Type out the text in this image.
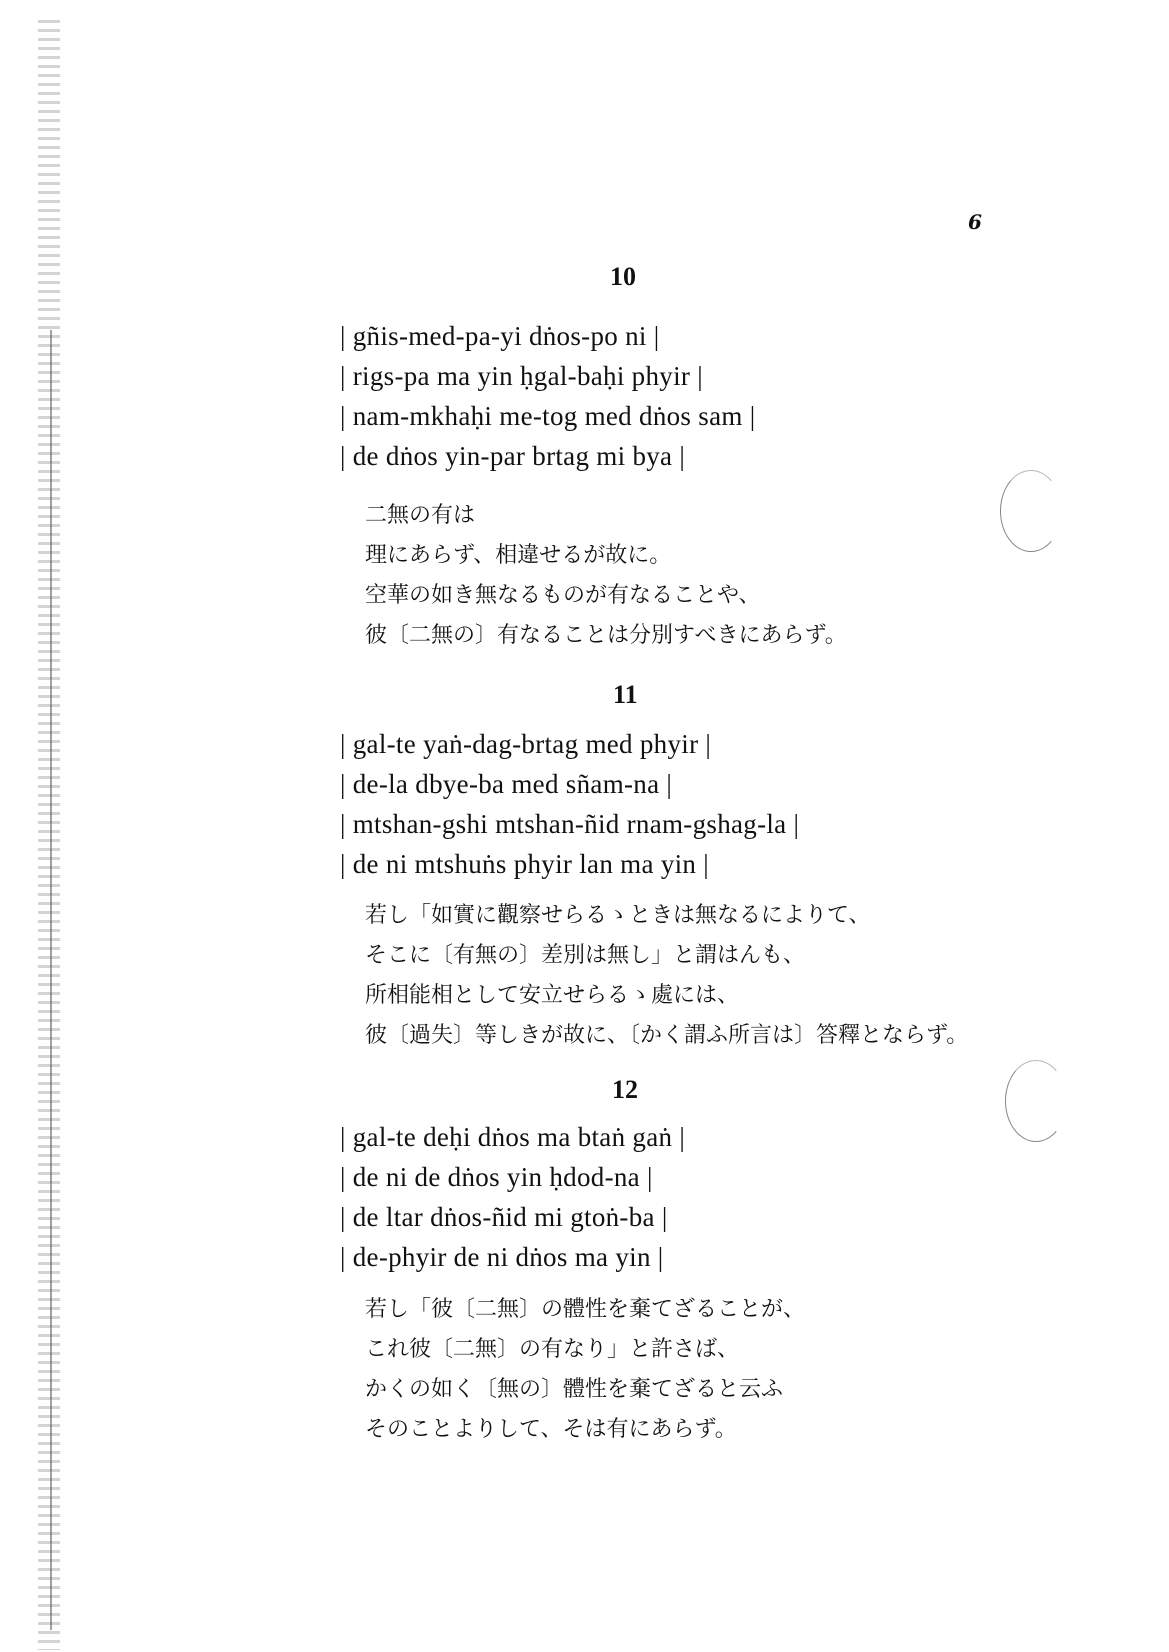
6
10
| gñis-med-pa-yi dṅos-po ni |
| rigs-pa ma yin ḥgal-baḥi phyir |
| nam-mkhaḥi me-tog med dṅos sam |
| de dṅos yin-par brtag mi bya |
二無の有は
理にあらず、相違せるが故に。
空華の如き無なるものが有なることや、
彼〔二無の〕有なることは分別すべきにあらず。
11
| gal-te yaṅ-dag-brtag med phyir |
| de-la dbye-ba med sñam-na |
| mtshan-gshi mtshan-ñid rnam-gshag-la |
| de ni mtshuṅs phyir lan ma yin |
若し「如實に觀察せらるゝときは無なるによりて、
そこに〔有無の〕差別は無し」と謂はんも、
所相能相として安立せらるゝ處には、
彼〔過失〕等しきが故に、〔かく謂ふ所言は〕答釋とならず。
12
| gal-te deḥi dṅos ma btaṅ gaṅ |
| de ni de dṅos yin ḥdod-na |
| de ltar dṅos-ñid mi gtoṅ-ba |
| de-phyir de ni dṅos ma yin |
若し「彼〔二無〕の體性を棄てざることが、
これ彼〔二無〕の有なり」と許さば、
かくの如く〔無の〕體性を棄てざると云ふ
そのことよりして、そは有にあらず。
